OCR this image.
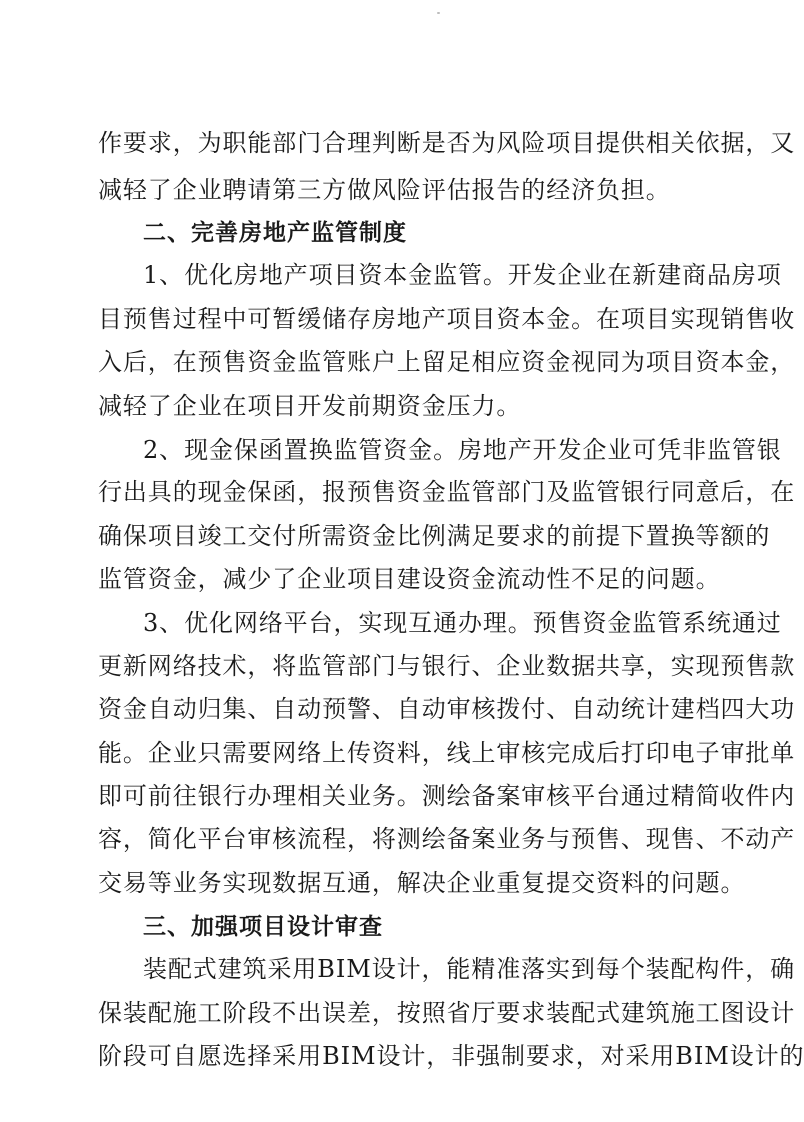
作要求，为职能部门合理判断是否为风险项目提供相关依据，又
减轻了企业聘请第三方做风险评估报告的经济负担。
二、完善房地产监管制度
1、优化房地产项目资本金监管。开发企业在新建商品房项
目预售过程中可暂缓储存房地产项目资本金。在项目实现销售收
入后，在预售资金监管账户上留足相应资金视同为项目资本金，
减轻了企业在项目开发前期资金压力。
2、现金保函置换监管资金。房地产开发企业可凭非监管银
行出具的现金保函，报预售资金监管部门及监管银行同意后，在
确保项目竣工交付所需资金比例满足要求的前提下置换等额的
监管资金，减少了企业项目建设资金流动性不足的问题。
3、优化网络平台，实现互通办理。预售资金监管系统通过
更新网络技术，将监管部门与银行、企业数据共享，实现预售款
资金自动归集、自动预警、自动审核拨付、自动统计建档四大功
能。企业只需要网络上传资料，线上审核完成后打印电子审批单
即可前往银行办理相关业务。测绘备案审核平台通过精简收件内
容，简化平台审核流程，将测绘备案业务与预售、现售、不动产
交易等业务实现数据互通，解决企业重复提交资料的问题。
三、加强项目设计审查
装配式建筑采用BIM设计，能精准落实到每个装配构件，确
保装配施工阶段不出误差，按照省厅要求装配式建筑施工图设计
阶段可自愿选择采用BIM设计，非强制要求，对采用BIM设计的
